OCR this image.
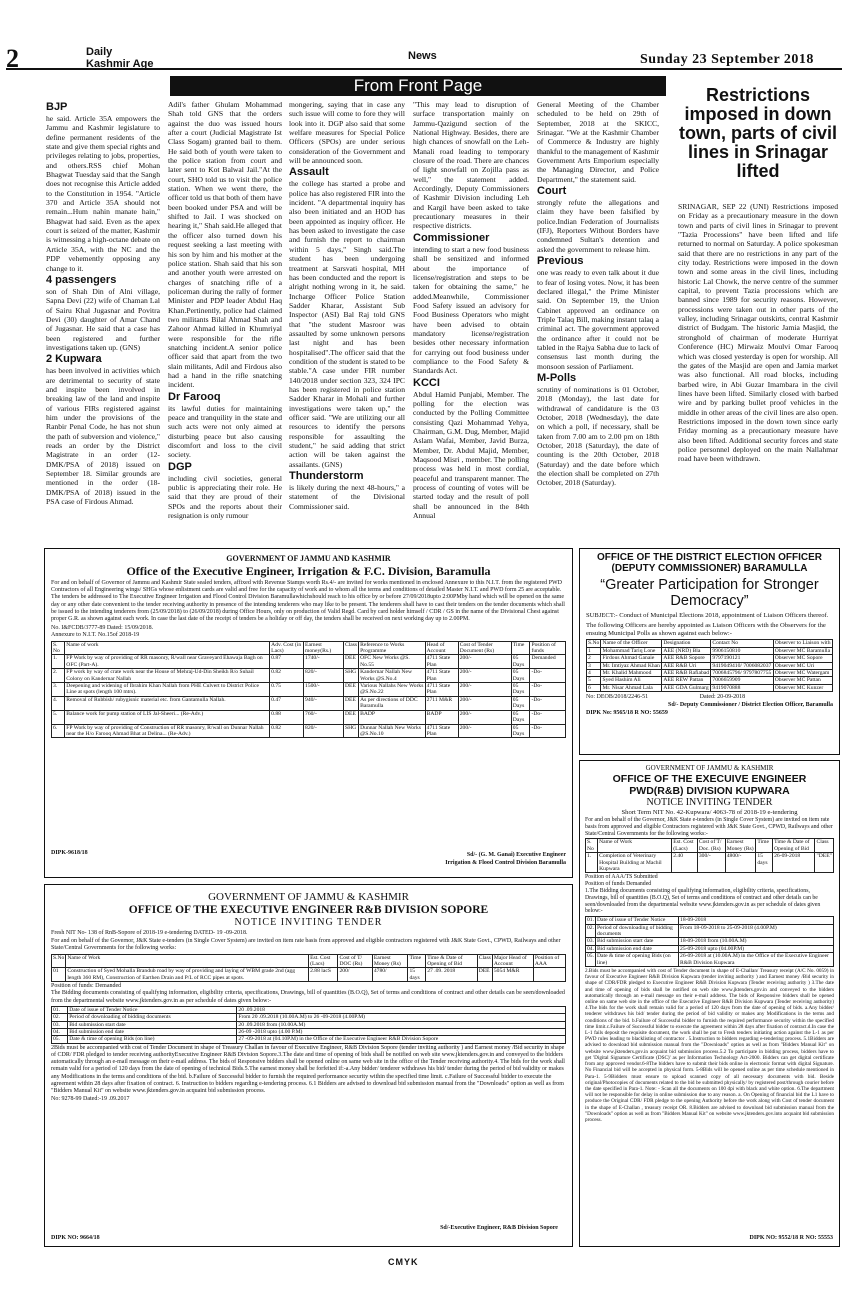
2	Daily
Kashmir Age
News	Sunday 23 September 2018
From Front Page
BJP

he said. Article 35A empowers the Jammu and Kashmir legislature to define permanent residents of the state and give them special rights and privileges relating to jobs, properties, and others.RSS chief Mohan Bhagwat Tuesday said that the Sangh does not recognise this Article added to the Constitution in 1954. "Article 370 and Article 35A should not remain...Hum nahin manate hain," Bhagwat had said. Even as the apex court is seized of the matter, Kashmir is witnessing a high-octane debate on Article 35A, with the NC and the PDP vehemently opposing any change to it.

4 passengers

son of Shah Din of Alni village, Sapna Devi (22) wife of Chaman Lal of Sairu Khal Jugasnar and Povitra Devi (30) daughter of Amar Chand of Jugasnar. He said that a case has been registered and further investigations taken up. (GNS)

2 Kupwara

has been involved in activities which are detrimental to security of state and inspite been involved in breaking law of the land and inspite of various FIRs registered against him under the provisions of the Ranbir Penal Code, he has not shun the path of subversion and violence," reads an order by the District Magistrate in an order (12-DMK/PSA of 2018) issued on September 18. Similar grounds are mentioned in the order (18-DMK/PSA of 2018) issued in the PSA case of Firdous Ahmad.

Adil's father Ghulam Mohammad Shah told GNS that the orders against the duo was issued hours after a court (Judicial Magistrate Ist Class Sogam) granted bail to them. He said both of youth were taken to the police station from court and later sent to Kot Balwal Jail."At the court, SHO told us to visit the police station. When we went there, the officer told us that both of them have been booked under PSA and will be shifted to Jail. I was shocked on hearing it," Shah said.He alleged that the officer also turned down his request seeking a last meeting with his son by him and his mother at the police station. Shah said that his son and another youth were arrested on charges of snatching rifle of a policeman during the rally of former Minister and PDP leader Abdul Haq Khan.Pertinently, police had claimed two militants Bilal Ahmad Shah and Zahoor Ahmad killed in Khumriyal were responsible for the rifle snatching incident.A senior police officer said that apart from the two slain militants, Adil and Firdous also had a hand in the rifle snatching incident.

Dr Farooq

its lawful duties for maintaining peace and tranquility in the state and such acts were not only aimed at disturbing peace but also causing discomfort and loss to the civil society.

DGP

including civil societies, general public is appreciating their role. He said that they are proud of their SPOs and the reports about their resignation is only rumour

mongering, saying that in case any such issue will come to fore they will look into it. DGP also said that some welfare measures for Special Police Officers (SPOs) are under serious consideration of the Government and will be announced soon.

Assault

the college has started a probe and police has also registered FIR into the incident. "A departmental inquiry has also been initiated and an HOD has been appointed as inquiry officer. He has been asked to investigate the case and furnish the report to chairman within 5 days," Singh said.The student has been undergoing treatment at Sarsvati hospital, MH has been conducted and the report is alright nothing wrong in it, he said. Incharge Officer Police Station Sadder Kharar, Assistant Sub Inspector (ASI) Bal Raj told GNS that "the student Masroor was assaulted by some unknown persons last night and has been hospitalised".The officer said that the condition of the student is stated to be stable."A case under FIR number 140/2018 under section 323, 324 IPC has been registered in police station Sadder Kharar in Mohali and further investigations were taken up," the officer said. "We are utilizing our all resources to identify the persons responsible for assaulting the student," he said adding that strict action will be taken against the assailants. (GNS)

Thunderstorm

is likely during the next 48-hours," a statement of the Divisional Commissioner said.

"This may lead to disruption of surface transportation mainly on Jammu-Qazigund section of the National Highway. Besides, there are high chances of snowfall on the Leh-Manali road leading to temporary closure of the road. There are chances of light snowfall on Zojilla pass as well," the statement added. Accordingly, Deputy Commissioners of Kashmir Division including Leh and Kargil have been asked to take precautionary measures in their respective districts.

Commissioner

intending to start a new food business shall be sensitized and informed about the importance of license/registration and steps to be taken for obtaining the same," he added.Meanwhile, Commissioner Food Safety issued an advisory for Food Business Operators who might have been advised to obtain mandatory license/registration besides other necessary information for carrying out food business under compliance to the Food Safety & Standards Act.

KCCI

Abdul Hamid Punjabi, Member. The polling for the election was conducted by the Polling Committee consisting Qazi Mohammad Yehya, Chairman, G.M. Dug, Member, Majid Aslam Wafai, Member, Javid Burza, Member, Dr. Abdul Majid, Member, Maqsood Misri , member. The polling process was held in most cordial, peaceful and transparent manner. The process of counting of votes will be started today and the result of poll shall be announced in the 84th Annual

General Meeting of the Chamber scheduled to be held on 29th of September, 2018 at the SKICC, Srinagar. "We at the Kashmir Chamber of Commerce & Industry are highly thankful to the management of Kashmir Government Arts Emporium especially the Managing Director, and Police Department," the statement said.

Court

strongly refute the allegations and claim they have been falsified by police.Indian Federation of Journalists (IFJ), Reporters Without Borders have condemned Sultan's detention and asked the government to release him.

Previous

one was ready to even talk about it due to fear of losing votes. Now, it has been declared illegal," the Prime Minister said. On September 19, the Union Cabinet approved an ordinance on Triple Talaq Bill, making instant talaq a criminal act. The government approved the ordinance after it could not be tabled in the Rajya Sabha due to lack of consensus last month during the monsoon session of Parliament.

M-Polls

scrutiny of nominations is 01 October, 2018 (Monday), the last date for withdrawal of candidature is the 03 October, 2018 (Wednesday), the date on which a poll, if necessary, shall be taken from 7.00 am to 2.00 pm on 18th October, 2018 (Saturday), the date of counting is the 20th October, 2018 (Saturday) and the date before which the election shall be completed on 27th October, 2018 (Saturday).

Restrictions imposed in down town, parts of civil lines in Srinagar lifted
SRINAGAR, SEP 22 (UNI) Restrictions imposed on Friday as a precautionary measure in the down town and parts of civil lines in Srinagar to prevent "Tazia Processions" have been lifted and life returned to normal on Saturday. A police spokesman said that there are no restrictions in any part of the city today. Restrictions were imposed in the down town and some areas in the civil lines, including historic Lal Chowk, the nerve centre of the summer capital, to prevent Tazia processions which are banned since 1989 for security reasons. However, processions were taken out in other parts of the valley, including Srinagar outskirts, central Kashmir district of Budgam. The historic Jamia Masjid, the stronghold of chairman of moderate Hurriyat Conference (HC) Mirwaiz Moulvi Omar Farooq which was closed yesterday is open for worship. All the gates of the Masjid are open and Jamia market was also functional. All road blocks, including barbed wire, in Abi Guzar Imambara in the civil lines have been lifted. Similarly closed with barbed wire and by parking bullet proof vehicles in the middle in other areas of the civil lines are also open. Restrictions imposed in the down town since early Friday morning as a precautionary measure have also been lifted. Additional security forces and state police personnel deployed on the main Nallahmar road have been withdrawn.
GOVERNMENT OF JAMMU AND KASHMIR
Office of the Executive Engineer, Irrigation & F.C. Division, Baramulla
For and on behalf of Governor of Jammu and Kashmir State sealed tenders, affixed with Revenue Stamps worth Rs.4/- are invited for works mentioned in enclosed Annexure to this N.I.T. from the registered PWD Contractors of all Engineering wings/ SHGs whose enlistment cards are valid and free for the capacity of work and to whom all the terms and conditions of detailed Master N.I.T. and PWD form 25 are acceptable. The tenders be addressed to The Executive Engineer Irrigation and Flood Control Division Baramullawhichshould reach to his office by or before 27/09/2018upto 2:00PMby hand which will be opened on the same day or any other date convenient to the tender receiving authority in presence of the intending tenderers who may like to be present. The tenderers shall have to cast their tenders on the tender documents which shall be issued to the intending tenderers from (25/09/2018) to (26/09/2018) during Office Hours, only on production of Valid Regd. Card by card holder himself / CDR / GS in the name of the Divisional Chest against proper G.R. as shown against each work. In case the last date of the receipt of tenders be a holiday or off day, the tenders shall be received on next working day up to 2.00PM.
No. I&FCDB/3777-89 Dated: 15/09/2018.
Annexure to N.I.T. No.15of 2018-19
S. No	Name of work	Adv. Cost (in Lacs)	Earnest money(Rs.)	Class	Reference to Works Programme	Head of Account	Cost of Tender Document (Rs)	Time	Position of funds
1.	FP Work by way of providing of RR masonry, R/wall near Graveyard Ehawaja Bagh on OFC (Part-A).	0.87	1740/-	DEE	OFC New Works @S. No.55	4711 State Plan	200/-	05 Days	Demanded
2.	FP work by way of crate work near the House of Mehraj-Ud-Din Sheikh R/o Suhail Colony on Kandernar Nallah	0.82	820/-	SHG	Kandernar Nallah New Works @S.No.4	4711 State Plan	200/-	05 Days	-Do-
3.	Deepening and widening of Ibrahim Khan Nallah from PHE Culvert to District Police Line at spots (length 100 mtrs).	0.75	1500/-	DEE	Various Nallahs New Works @S.No.22	4711 State Plan	200/-	05 Days	-Do-
4.	Removal of Rubbish/ rubygisnic material etc. from Gantamulla Nallah.	0.47	940/-	DEE	As per directions of DDC Baramulla	2711 M&R	200/-	05 Days	-Do-
5.	Balance work for pump station of LIS Jal-Sheeri... (Re-Adv.)	0.88	760/-	DEE	BADP	BADP	200/-	05 Days	-Do-
6.	FP Work by way of providing of Construction of RR masonry, R/wall on Dunnar Nallah near the H/o Farooq Ahmad Bhat at Delina... (Re-Adv.)	0.82	820/-	SHG	Dunnar Nallah New Works @S.No.10	4711 State Plan	200/-	05 Days	-Do-
DIPK-9618/18	Sd/- (G. M. Ganai) Executive Engineer
Irrigation & Flood Control Division Baramulla
OFFICE OF THE DISTRICT ELECTION OFFICER (DEPUTY COMMISSIONER) BARAMULLA
“Greater Participation for Stronger Democracy”
SUBJECT:- Conduct of Municipal Elections 2018, appointment of Liaison Officers thereof.
The following Officers are hereby appointed as Liaison Officers with the Observers for the ensuing Municipal Polls as shown against each below:-
S.No	Name of the Officer	Designation	Contact No	Observer to Liaison with
1	Mohammad Tariq Lone	AEE (NRD) Bla	9906150810	Observer MC Baramulla
2	Firdous Ahmad Ganaie	AEE R&B Sopore	9797190121	Observer MC Sopore
3	Mr. Imtiyaz Ahmad Khan	AEE R&B Uri	9419049410/ 7006082037	Observer MC Uri
4	Mr. Khalid Mahmood	AEE R&B Rafiabad	7006845796/ 9797807755	Observer MC Watergam
5	Syed Hashim Ali	AEE REW Pattan	7006659909	Observer MC Pattan
6	Mr. Nisar Ahmad Lala	AEE GDA Gulmarg	9419070888	Observer MC Kunzer
No: DEOB/2018/2246-51	Dated: 20-09-2018
Sd/- Deputy Commissioner / District Election Officer, Baramulla
DIPK No: 9565/18 R NO: 55659
GOVERNMENT OF JAMMU & KASHMIR
OFFICE OF THE EXECUTIVE ENGINEER R&B DIVISION SOPORE
NOTICE INVITING TENDER
Fresh NIT No- 138 of RnB-Sopore of 2018-19 e-tendering DATED- 19 -09-2018.
For and on behalf of the Governor, J&K State e-tenders (in Single Cover System) are invited on item rate basis from approved and eligible contractors registered with J&K State Govt., CPWD, Railways and other State/Central Governments for the following works:
S.No	Name of Work	Est. Cost (Lacs)	Cost of T/ DOC (Rs)	Earnest Money (Rs)	Time	Time & Date of Opening of Bid	Class	Major Head of Account	Position of AAA
01	Construction of Syed Mohalla Brandub road by way of providing and laying of WBM grade 2nd (agg length 360 RM), Construction of Earthen Drain and P/L of RCC pipes at spots.	2.88 lacS	200/	4780/	15 days	27 .09. 2018	DEE	5054 M&R	
Position of funds: Demanded
The Bidding documents consisting of qualifying information, eligibility criteria, specifications, Drawings, bill of quantities (B.O.Q), Set of terms and conditions of contract and other details can be seen/downloaded from the departmental website www.jktenders.gov.in as per schedule of dates given below:-
01.	Date of issue of Tender Notice	20 .09.2018
02.	Period of downloading of bidding documents	From 20 .09.2018 (10.00A.M) to 26 -09-2018 (4.00P.M)
03.	Bid submission start date	20 .09.2018 from (10.00A.M)
04.	Bid submission end date	26-09 -2018 upto (4.00 P.M)
05.	Date & time of opening Bids (on line)	27 -09-2018 at (04.10P.M) in the Office of the Executive Engineer R&B Division Sopore
2Bids must be accompanied with cost of Tender Document in shape of Treasury Challan in favour of Executive Engineer, R&B Division Sopore (tender inviting authority ) and Earnest money /Bid security in shape of CDR/ FDR pledged to tender receiving authorityExecutive Engineer R&B Division Sopore.3.The date and time of opening of bids shall be notified on web site www.jktenders.gov.in and conveyed to the bidders automatically through an e-mail message on their e-mail address. The bids of Responsive bidders shall be opened online on same web site in the office of the Tender receiving authority.4. The bids for the work shall remain valid for a period of 120 days from the date of opening of technical Bids.5.The earnest money shall be forfeited if:-a.Any bidder/ tenderer withdraws his bid/ tender during the period of bid validity or makes any Modifications in the terms and conditions of the bid. b.Failure of Successful bidder to furnish the required performance security within the specified time limit. c.Failure of Successful bidder to execute the agreement within 28 days after fixation of contract. 6. Instruction to bidders regarding e-tendering process. 6.1 Bidders are advised to download bid submission manual from the "Downloads" option as well as from "Bidders Manual Kit" on website www.jktenders.gov.in acquaint bid submission process.
No: 9278-99 Dated:-19 .09.2017
Sd/-Executive Engineer, R&B Division Sopore
DIPK NO: 9664/18
GOVERNMENT OF JAMMU & KASHMIR
OFFICE OF THE EXECUIVE ENGINEER PWD(R&B) DIVISION KUPWARA
NOTICE INVITING TENDER
Short Term NIT No. 42-Kupwara/ 4063-78 of 2018-19 e-tendering
For and on behalf of the Governor, J&K State e-tenders (in Single Cover System) are invited on item rate basis from approved and eligible Contractors registered with J&K State Govt., CPWD, Railways and other State/Central Governments for the following works:-
S. No	Name of Work	Est. Cost (Lacs)	Cost of T/ Doc. (Rs)	Earnest Money (Rs)	Time	Time & Date of Opening of Bid	Class
1.	Completion of Veterinary Hospital Building at Machil Kupwara	2.40	300/-	4800/-	15 days	26-09-2018	"DEE"
Position of AAA/TS Submitted
Position of funds Demanded
1.The Bidding documents consisting of qualifying information, eligibility criteria, specifications, Drawings, bill of quantities (B.O.Q), Set of terms and conditions of contract and other details can be seen/downloaded from the departmental website www.jktenders.gov.in as per schedule of dates given below:-
01.	Date of issue of Tender Notice	18-09-2018
02.	Period of downloading of bidding documents	From 18-09-2018 to 25-09-2018 (4.00P.M)
03.	Bid submission start date	18-09-2018 from (10.00A.M)
04.	Bid submission end date	25-09-2018 upto (04.00P.M)
05.	Date & time of opening Bids (on line)	26-09-2018 at (10.00A.M) in the Office of the Executive Engineer R&B Division Kupwara
2.Bids must be accompanied with cost of Tender document in shape of E-Challan/ Treasury receipt (A/C No. 0059) in favour of Executive Engineer R&B Division Kupwara (tender inviting authority ) and Earnest money /Bid security in shape of CDR/FDR pledged to Executive Engineer R&B Division Kupwara (Tender receiving authority ) 3.The date and time of opening of bids shall be notified on web site www.jktenders.gov.in and conveyed to the bidders automatically through an e-mail message on their e-mail address. The bids of Responsive bidders shall be opened online on same web site in the office of the Executive Engineer R&B Division Kupwara (Tender receiving authority) 4.The bids for the work shall remain valid for a period of 120 days from the date of opening of bids. a.Any bidder/ tenderer withdraws his bid/ tender during the period of bid validity or makes any Modifications in the terms and conditions of the bid. b.Failure of Successful bidder to furnish the required performance security within the specified time limit.c.Failure of Successful bidder to execute the agreement within 28 days after fixation of contract.d.In case the L-1 fails deposit the requisite document, the work shall be put to Fresh tenders initiating action against the L-1 as per PWD rules leading to blacklisting of contractor . 5.Instruction to bidders regarding e-tendering process. 5.1Bidders are advised to download bid submission manual from the "Downloads" option as well as from "Bidders Manual Kit" on website www.jktenders.gov.in acquaint bid submission process.5.2 To participate in bidding process, bidders have to get 'Digital Signature Certificate (DSC)' as per Information Technology Act-2000. Bidders can get digital certificate from any approved vendor.6-8The bidders have to submit their bids online in electronic format with digital Signature. No Financial bid will be accepted in physical form. 5-8Bids will be opened online as per time schedule mentioned in Para-1. 5-9Bidders must ensure to upload scanned copy of all necessary documents with bid. Beside original/Photocopies of documents related to the bid be submitted physically/ by registered post/through courier before the date specified in Para-1. Note: - Scan all the documents on 100 dpi with black and white option. 6.The department will not be responsible for delay in online submission due to any reason. a. On Opening of financial bid the L1 have to produce the Original CDR/ FDR pledge to the opening Authority before the work along with Cost of tender document in the shape of E-Challan , treasury receipt OR. 8.Bidders are advised to download bid submission manual from the "Downloads" option as well as from "Bidders Manual Kit" on website www.jktenders.gov.into acquaint bid submission process.
DIPK NO: 9552/18 R NO: 55553
CMYK
